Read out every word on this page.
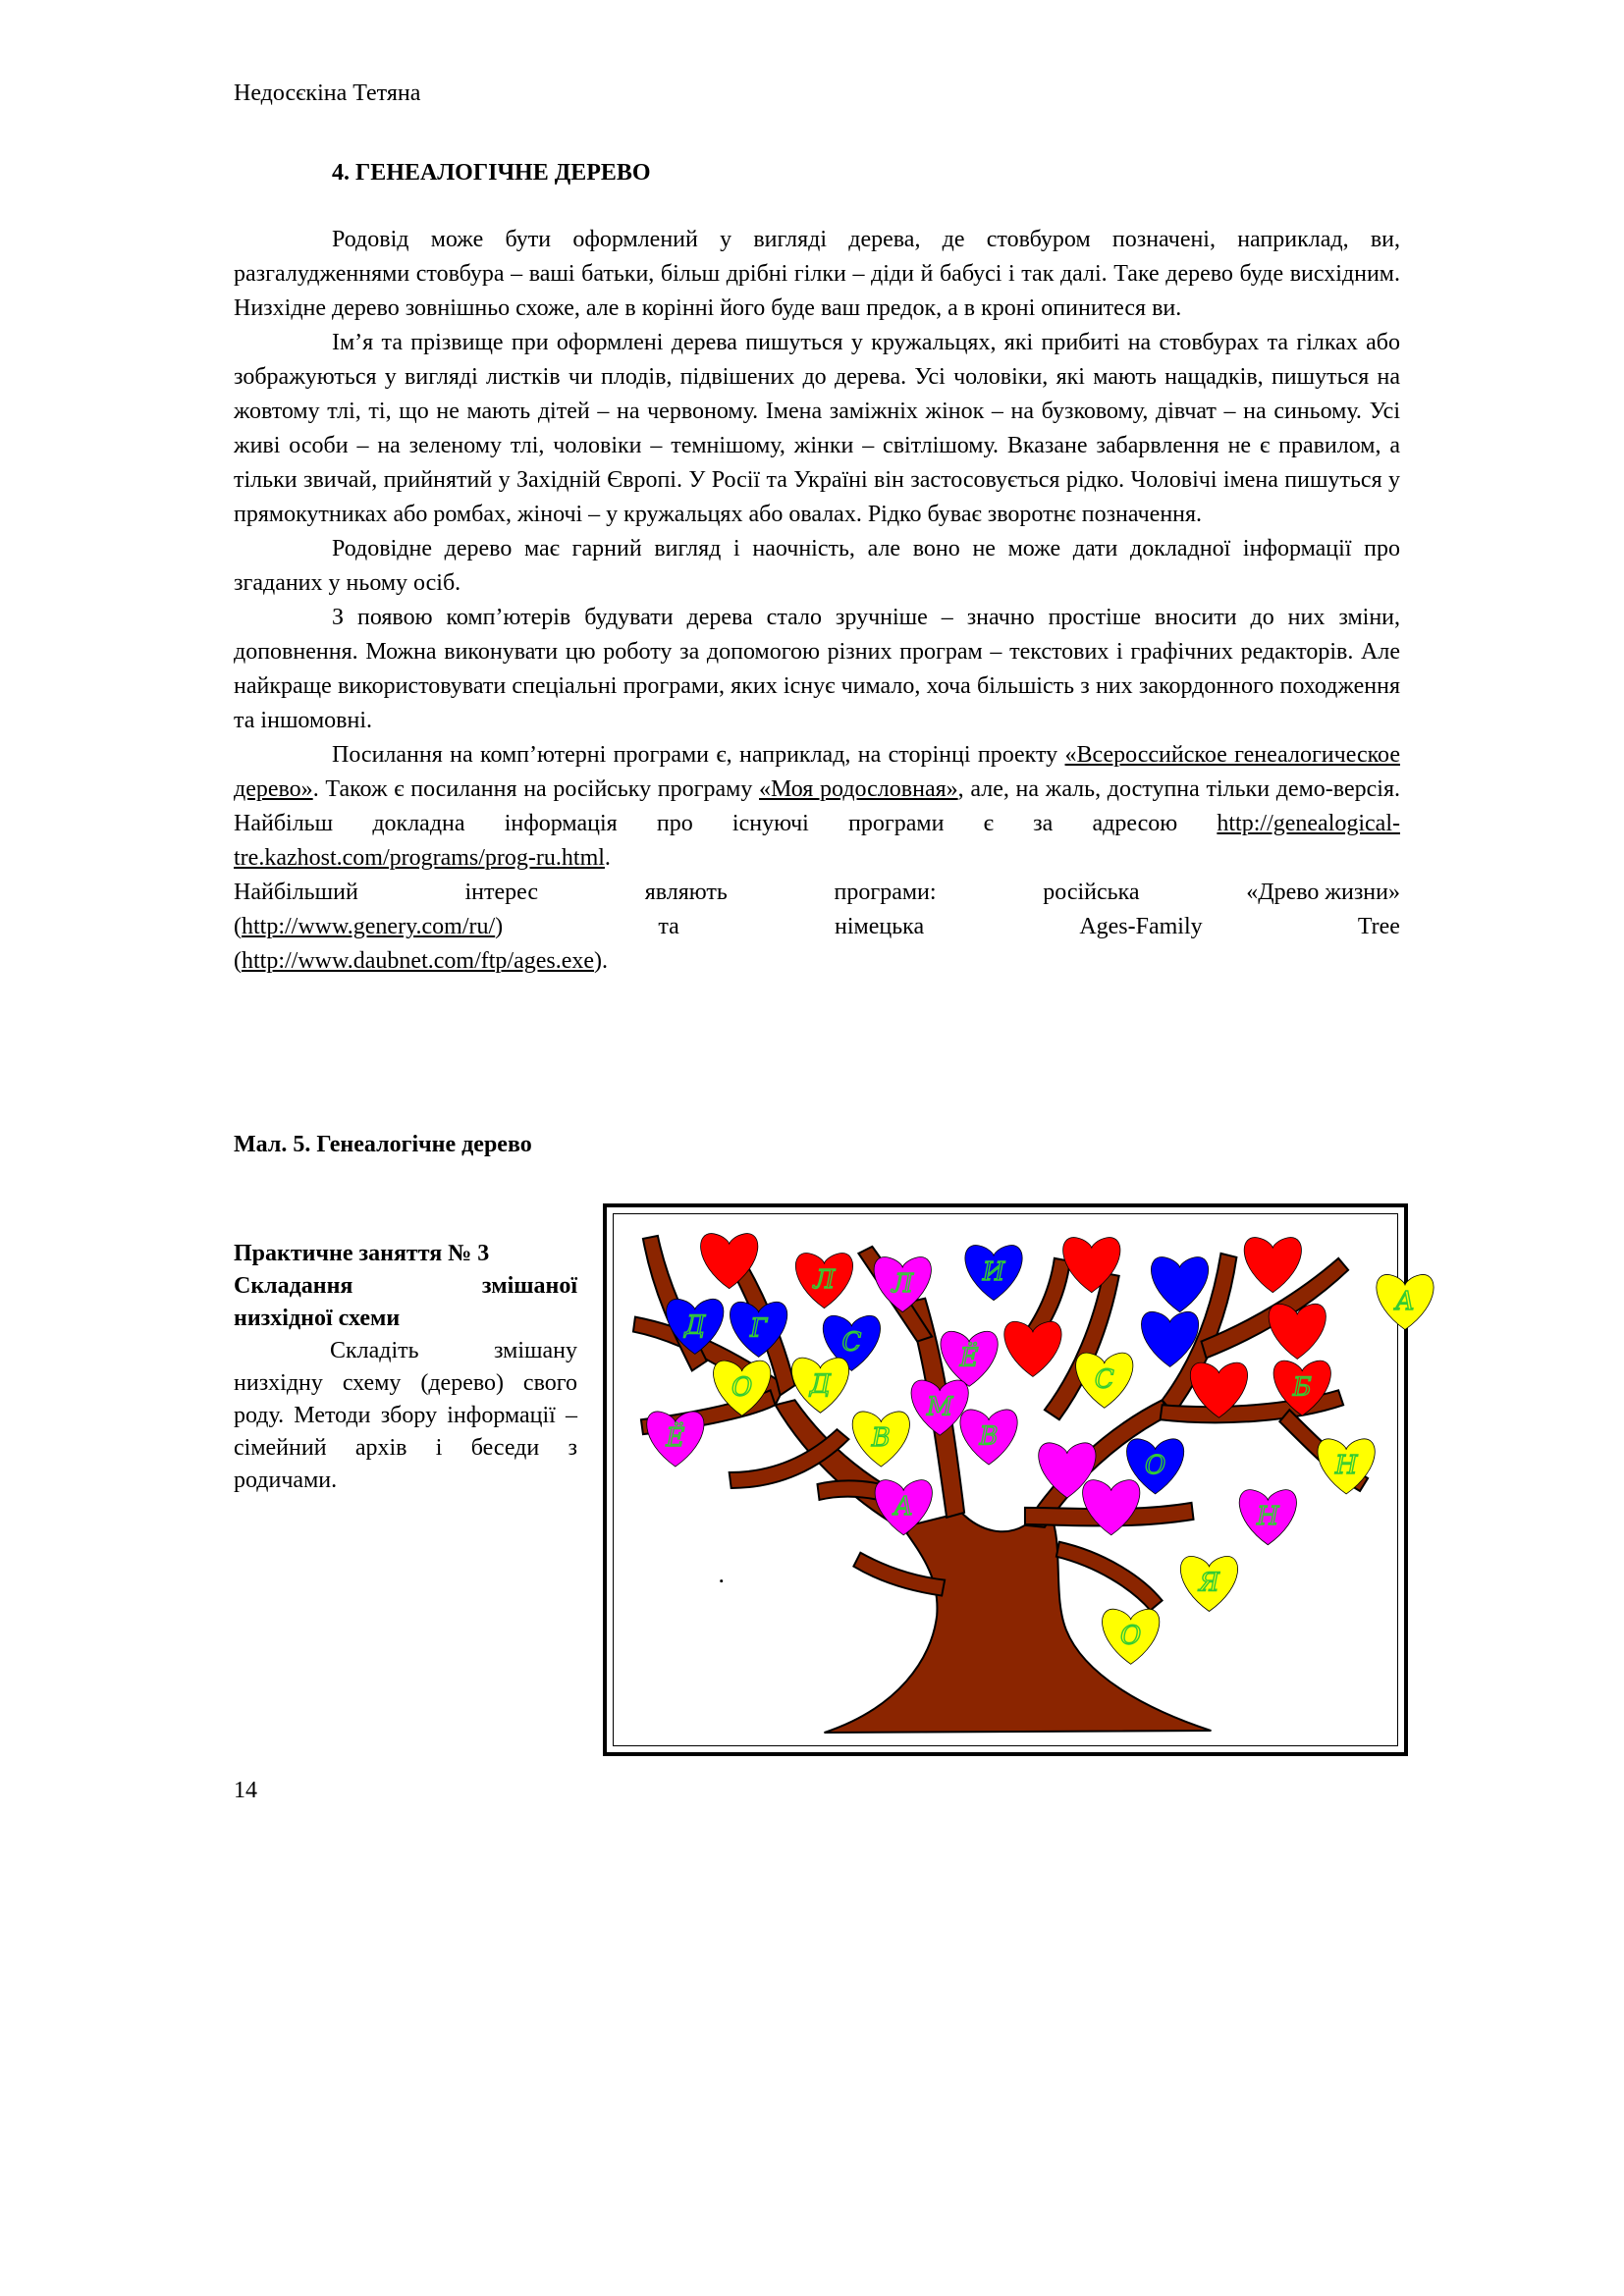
Недосєкіна Тетяна
4. ГЕНЕАЛОГІЧНЕ ДЕРЕВО

Родовід може бути оформлений у вигляді дерева, де стовбуром позначені, наприклад, ви, разгалудженнями стовбура – ваші батьки, більш дрібні гілки – діди й бабусі і так далі. Таке дерево буде висхідним. Низхідне дерево зовнішньо схоже, але в корінні його буде ваш предок, а в кроні опинитеся ви.

Ім’я та прізвище при оформлені дерева пишуться у кружальцях, які прибиті на стовбурах та гілках або зображуються у вигляді листків чи плодів, підвішених до дерева. Усі чоловіки, які мають нащадків, пишуться на жовтому тлі, ті, що не мають дітей – на червоному. Імена заміжніх жінок – на бузковому, дівчат – на синьому. Усі живі особи – на зеленому тлі, чоловіки – темнішому, жінки – світлішому. Вказане забарвлення не є правилом, а тільки звичай, прийнятий у Західній Європі. У Росії та Україні він застосовується рідко. Чоловічі імена пишуться у прямокутниках або ромбах, жіночі – у кружальцях або овалах. Рідко буває зворотнє позначення.

Родовідне дерево має гарний вигляд і наочність, але воно не може дати докладної інформації про згаданих у ньому осіб.

З появою комп’ютерів будувати дерева стало зручніше – значно простіше вносити до них зміни, доповнення. Можна виконувати цю роботу за допомогою різних програм – текстових і графічних редакторів. Але найкраще використовувати спеціальні програми, яких існує чимало, хоча більшість з них закордонного походження та іншомовні.

Посилання на комп’ютерні програми є, наприклад, на сторінці проекту «Всероссийское генеалогическое дерево». Також є посилання на російську програму «Моя родословная», але, на жаль, доступна тільки демо-версія. Найбільш докладна інформація про існуючі програми є за адресою http://genealogical-tre.kazhost.com/programs/prog-ru.html.

Найбільший	інтерес	являють	програми:	російська	«Древо жизни»
(http://www.genery.com/ru/)	та	німецька	Ages-Family	Tree
(http://www.daubnet.com/ftp/ages.exe).
Мал. 5. Генеалогічне дерево

Практичне заняття № 3

Складання змішаної

низхідної схеми

Складіть змішану низхідну схему (дерево) свого роду. Методи збору інформації – сімейний архів і беседи з родичами.

Л Л	И
Д Г	С
Ё
А
О Д
М
С	Б
Ё	В	В
О	Н
А	Н
Я
О
14
